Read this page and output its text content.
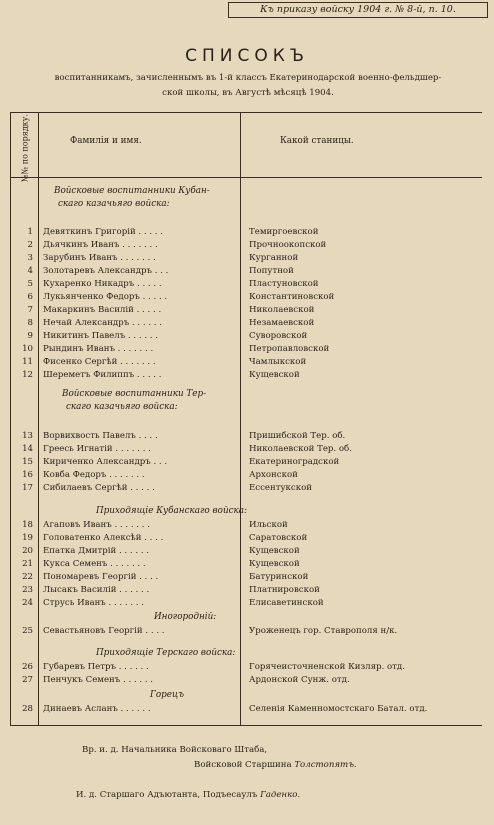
Къ приказу войску 1904 г. № 8-й, п. 10.
СПИСОКЪ
воспитанникамъ, зачисленнымъ въ 1-й классъ Екатеринодарской военно-фельдшер-
ской школы, въ Августѣ мѣсяцѣ 1904.
№№ по порядку.	Фамилія и имя.	Какой станицы.
Войсковые воспитанники Кубан-
скаго казачьяго войска:
Войсковые воспитанники Тер-
скаго казачьяго войска:
Приходящіе Кубанскаго войска:
Иногородній:
Приходящіе Терскаго войска:
Горецъ
1 Девяткинъ Григорій . . . . .	Темиргоевской
2 Дьячкинъ Иванъ . . . . . . .	Прочноокопской
3 Зарубинъ Иванъ . . . . . . .	Курганной
4 Золотаревъ Александръ . . .	Попутной
5 Кухаренко Никадръ . . . . .	Пластуновской
6 Лукьянченко Федоръ . . . . .	Константиновской
7 Макаркинъ Василій . . . . .	Николаевской
8 Нечай Александръ . . . . . .	Незамаевской
9 Никитинъ Павелъ . . . . . .	Суворовской
10 Рындинъ Иванъ . . . . . . .	Петропавловской
11 Фисенко Сергѣй . . . . . . .	Чамлыкской
12 Шереметъ Филиппъ . . . . .	Кущевской
13 Ворвихвость Павелъ . . . .	Пришибской Тер. об.
14 Греесь Игнатій . . . . . . .	Николаевской Тер. об.
15 Кириченко Александръ . . .	Екатериноградской
16 Ковба Федоръ . . . . . . .	Архонской
17 Сибилаевъ Сергѣй . . . . .	Ессентукской
18 Агаповъ Иванъ . . . . . . .	Ильской
19 Головатенко Алексѣй . . . .	Саратовской
20 Епатка Дмитрій . . . . . .	Кущевской
21 Кукса Семенъ . . . . . . .	Кущевской
22 Пономаревъ Георгій . . . .	Батуринской
23 Лысакъ Василій . . . . . .	Платнировской
24 Струсь Иванъ . . . . . . .	Елисаветинской
25 Севастьяновъ Георгій . . . .	Уроженецъ гор. Ставрополя н/к.
26 Губаревъ Петръ . . . . . .	Горячеисточненской Кизляр. отд.
27 Пенчукъ Семенъ . . . . . .	Ардонской Сунж. отд.
28 Динаевъ Асланъ . . . . . .	Селенія Каменномостскаго Батал. отд.
Вр. и. д. Начальника Войсковаго Штаба,
Войсковой Старшина Толстопятъ.
И. д. Старшаго Адъютанта, Подъесаулъ Гаденко.
